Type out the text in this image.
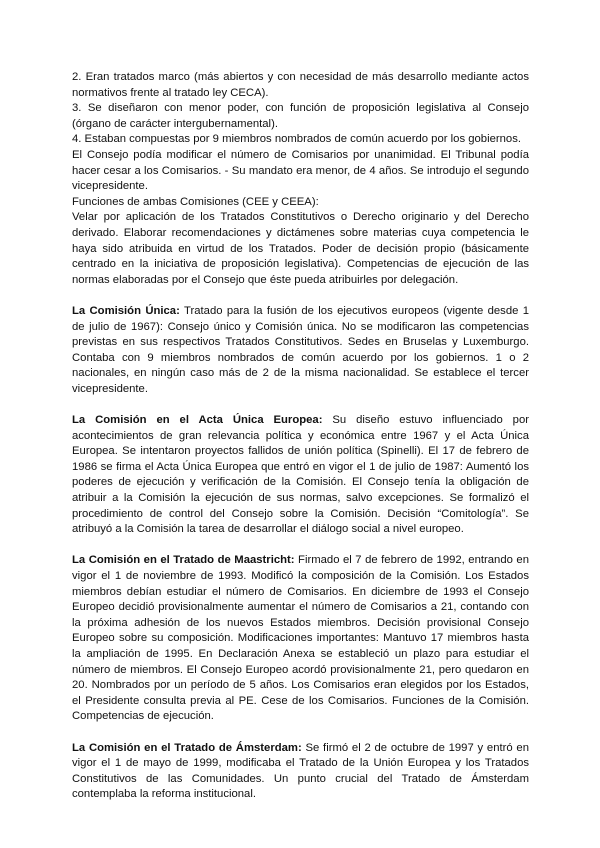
2. Eran tratados marco (más abiertos y con necesidad de más desarrollo mediante actos normativos frente al tratado ley CECA).

3. Se diseñaron con menor poder, con función de proposición legislativa al Consejo (órgano de carácter intergubernamental).

4. Estaban compuestas por 9 miembros nombrados de común acuerdo por los gobiernos.

El Consejo podía modificar el número de Comisarios por unanimidad. El Tribunal podía hacer cesar a los Comisarios. - Su mandato era menor, de 4 años. Se introdujo el segundo vicepresidente.

Funciones de ambas Comisiones (CEE y CEEA):

Velar por aplicación de los Tratados Constitutivos o Derecho originario y del Derecho derivado. Elaborar recomendaciones y dictámenes sobre materias cuya competencia le haya sido atribuida en virtud de los Tratados. Poder de decisión propio (básicamente centrado en la iniciativa de proposición legislativa). Competencias de ejecución de las normas elaboradas por el Consejo que éste pueda atribuirles por delegación.

La Comisión Única: Tratado para la fusión de los ejecutivos europeos (vigente desde 1 de julio de 1967): Consejo único y Comisión única. No se modificaron las competencias previstas en sus respectivos Tratados Constitutivos. Sedes en Bruselas y Luxemburgo. Contaba con 9 miembros nombrados de común acuerdo por los gobiernos. 1 o 2 nacionales, en ningún caso más de 2 de la misma nacionalidad. Se establece el tercer vicepresidente.

La Comisión en el Acta Única Europea: Su diseño estuvo influenciado por acontecimientos de gran relevancia política y económica entre 1967 y el Acta Única Europea. Se intentaron proyectos fallidos de unión política (Spinelli). El 17 de febrero de 1986 se firma el Acta Única Europea que entró en vigor el 1 de julio de 1987: Aumentó los poderes de ejecución y verificación de la Comisión. El Consejo tenía la obligación de atribuir a la Comisión la ejecución de sus normas, salvo excepciones. Se formalizó el procedimiento de control del Consejo sobre la Comisión. Decisión “Comitología”. Se atribuyó a la Comisión la tarea de desarrollar el diálogo social a nivel europeo.

La Comisión en el Tratado de Maastricht: Firmado el 7 de febrero de 1992, entrando en vigor el 1 de noviembre de 1993. Modificó la composición de la Comisión. Los Estados miembros debían estudiar el número de Comisarios. En diciembre de 1993 el Consejo Europeo decidió provisionalmente aumentar el número de Comisarios a 21, contando con la próxima adhesión de los nuevos Estados miembros. Decisión provisional Consejo Europeo sobre su composición. Modificaciones importantes: Mantuvo 17 miembros hasta la ampliación de 1995. En Declaración Anexa se estableció un plazo para estudiar el número de miembros. El Consejo Europeo acordó provisionalmente 21, pero quedaron en 20. Nombrados por un período de 5 años. Los Comisarios eran elegidos por los Estados, el Presidente consulta previa al PE. Cese de los Comisarios. Funciones de la Comisión. Competencias de ejecución.

La Comisión en el Tratado de Ámsterdam: Se firmó el 2 de octubre de 1997 y entró en vigor el 1 de mayo de 1999, modificaba el Tratado de la Unión Europea y los Tratados Constitutivos de las Comunidades. Un punto crucial del Tratado de Ámsterdam contemplaba la reforma institucional.
